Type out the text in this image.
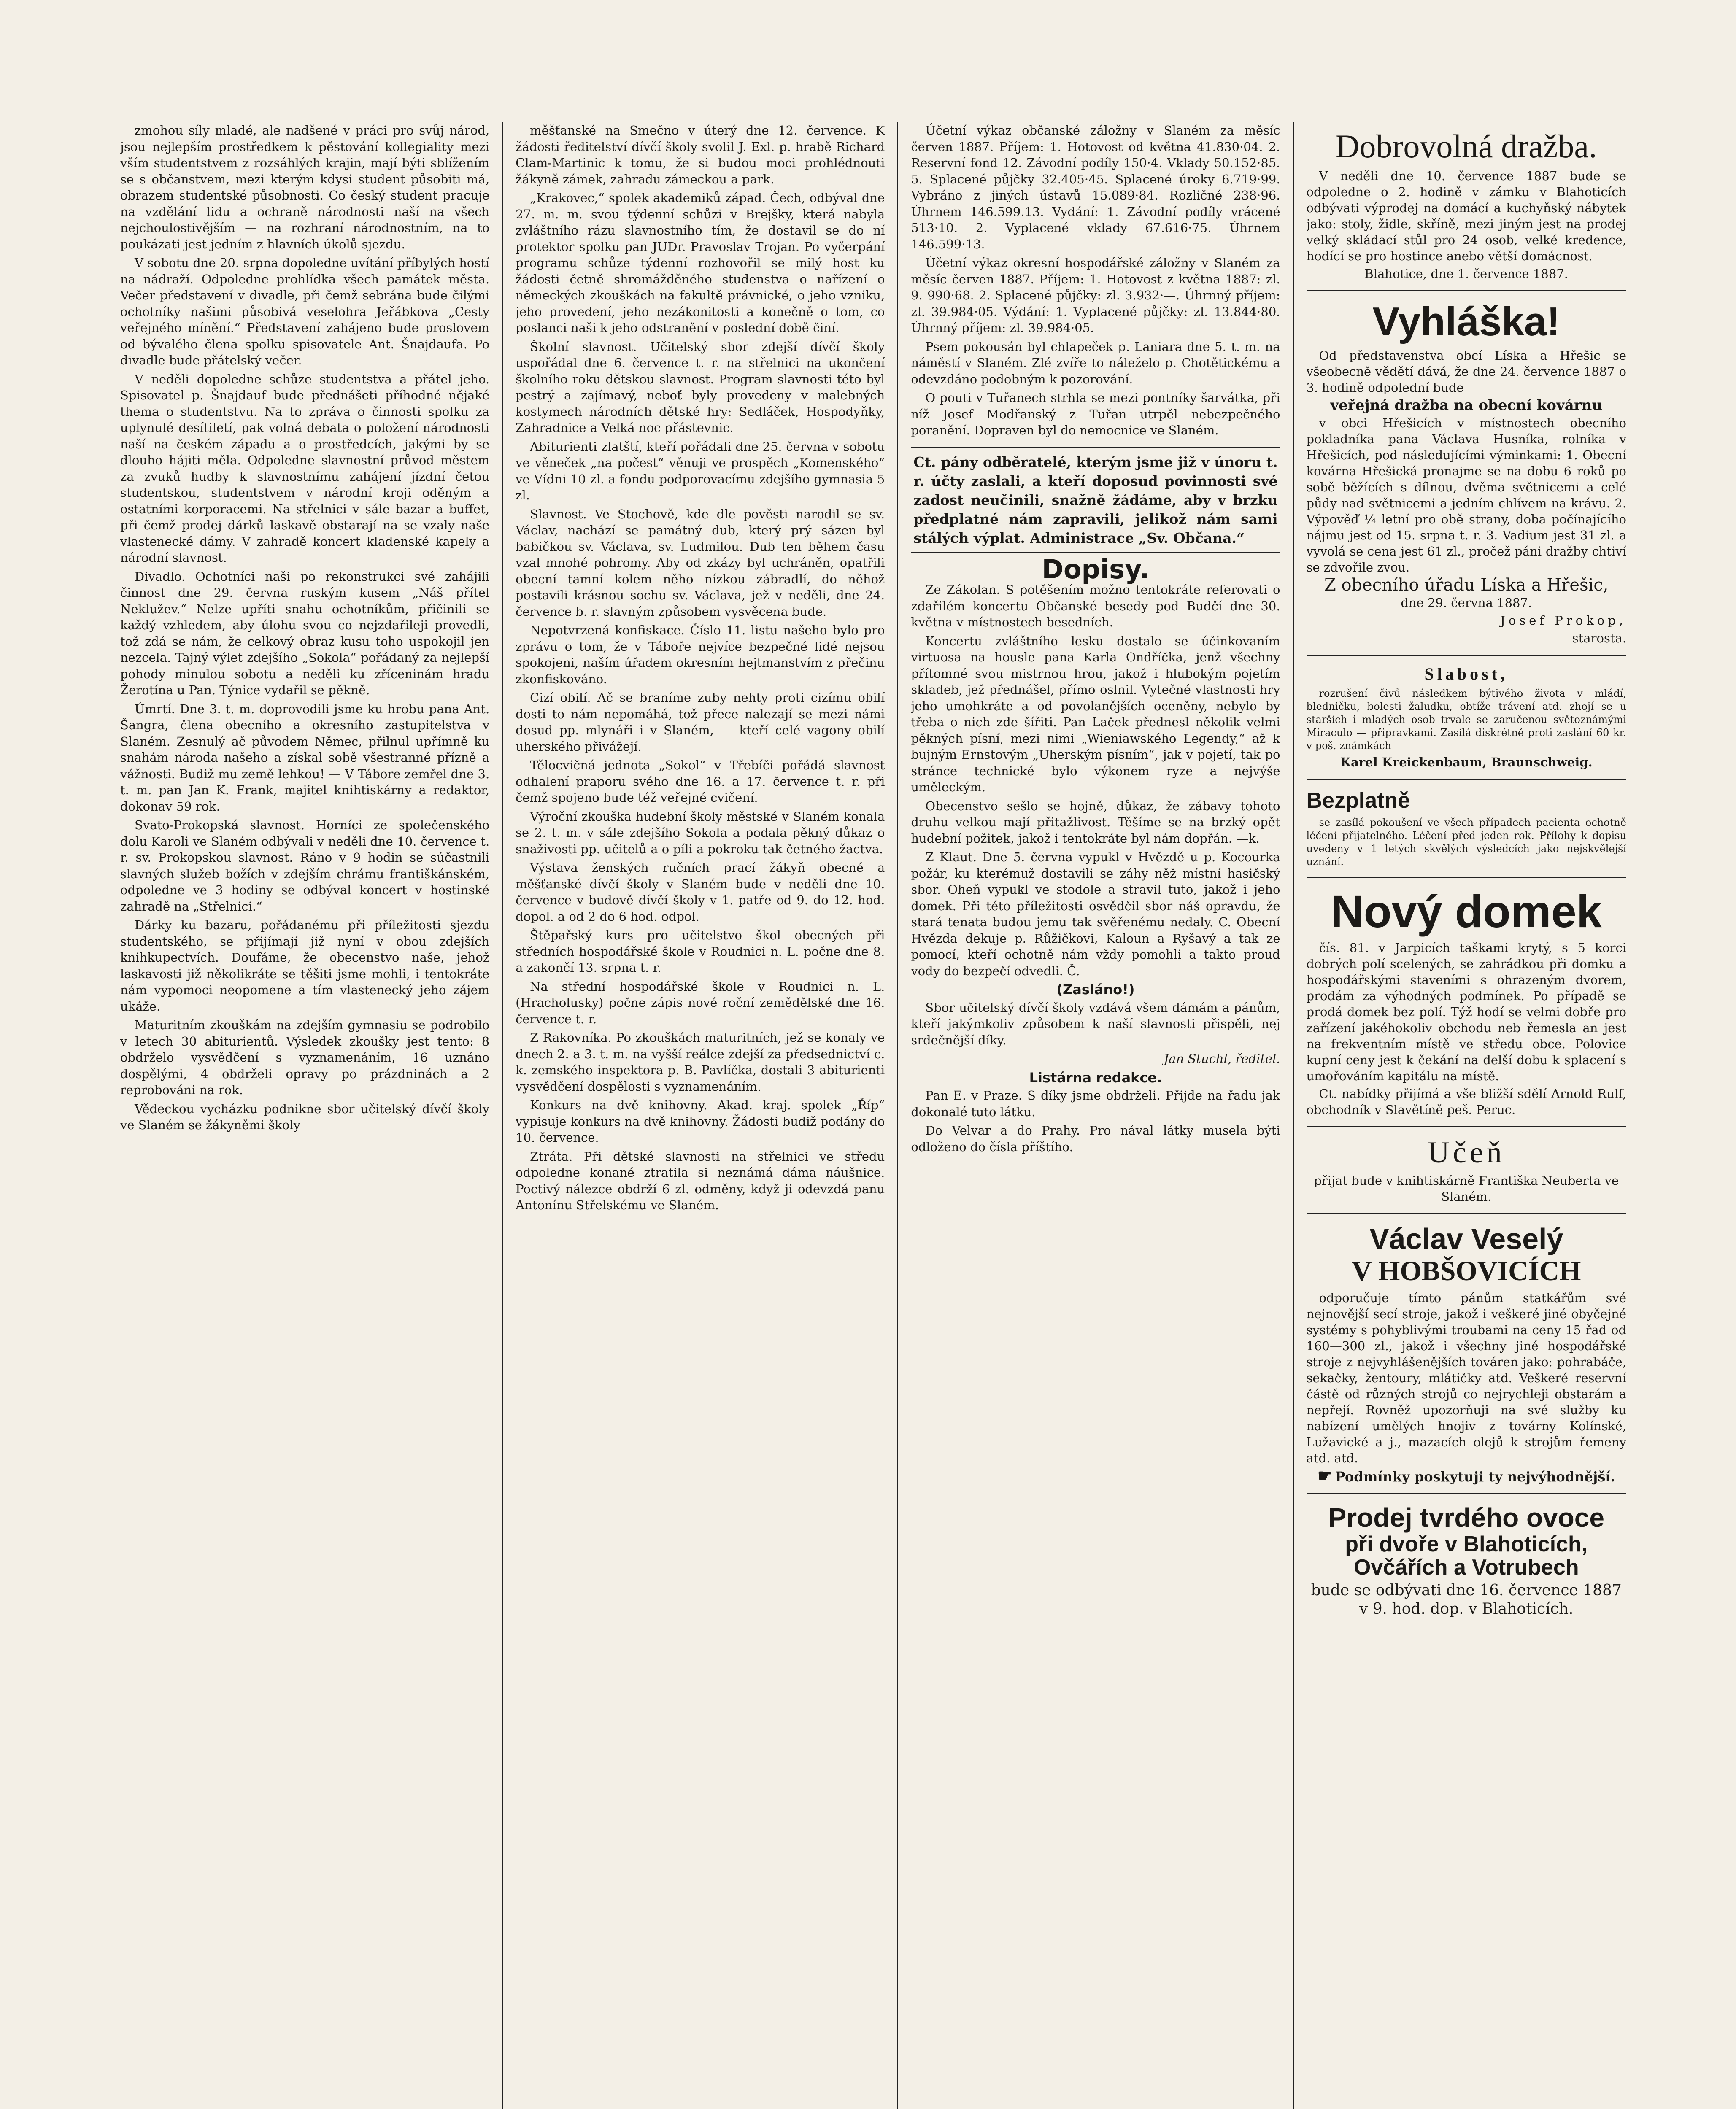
zmohou síly mladé, ale nadšené v práci pro svůj národ, jsou nejlepším prostředkem k pěstování kollegiality mezi vším studentstvem z rozsáhlých krajin, mají býti sblížením se s občanstvem, mezi kterým kdysi student působiti má, obrazem studentské působnosti. Co český student pracuje na vzdělání lidu a ochraně národnosti naší na všech nejchoulostivějším — na rozhraní národnostním, na to poukázati jest jedním z hlavních úkolů sjezdu.

V sobotu dne 20. srpna dopoledne uvítání příbylých hostí na nádraží. Odpoledne prohlídka všech památek města. Večer představení v divadle, při čemž sebrána bude čilými ochotníky našimi působivá veselohra Jeřábkova „Cesty veřejného mínění.“ Představení zahájeno bude proslovem od bývalého člena spolku spisovatele Ant. Šnajdaufa. Po divadle bude přátelský večer.

V neděli dopoledne schůze studentstva a přátel jeho. Spisovatel p. Šnajdauf bude přednášeti příhodné nějaké thema o studentstvu. Na to zpráva o činnosti spolku za uplynulé desítiletí, pak volná debata o položení národnosti naší na českém západu a o prostředcích, jakými by se dlouho hájiti měla. Odpoledne slavnostní průvod městem za zvuků hudby k slavnostnímu zahájení jízdní četou studentskou, studentstvem v národní kroji oděným a ostatními korporacemi. Na střelnici v sále bazar a buffet, při čemž prodej dárků laskavě obstarají na se vzaly naše vlastenecké dámy. V zahradě koncert kladenské kapely a národní slavnost.

Divadlo. Ochotníci naši po rekonstrukci své zahájili činnost dne 29. června ruským kusem „Náš přítel Neklužev.“ Nelze upříti snahu ochotníkům, přičinili se každý vzhledem, aby úlohu svou co nejzdařileji provedli, tož zdá se nám, že celkový obraz kusu toho uspokojil jen nezcela. Tajný výlet zdejšího „Sokola“ pořádaný za nejlepší pohody minulou sobotu a neděli ku zříceninám hradu Žerotína u Pan. Týnice vydařil se pěkně.

Úmrtí. Dne 3. t. m. doprovodili jsme ku hrobu pana Ant. Šangra, člena obecního a okresního zastupitelstva v Slaném. Zesnulý ač původem Němec, přilnul upřímně ku snahám národa našeho a získal sobě všestranné přízně a vážnosti. Budiž mu země lehkou! — V Tábore zemřel dne 3. t. m. pan Jan K. Frank, majitel knihtiskárny a redaktor, dokonav 59 rok.

Svato-Prokopská slavnost. Horníci ze společenského dolu Karoli ve Slaném odbývali v neděli dne 10. července t. r. sv. Prokopskou slavnost. Ráno v 9 hodin se súčastnili slavných služeb božích v zdejším chrámu františkánském, odpoledne ve 3 hodiny se odbýval koncert v hostinské zahradě na „Střelnici.“

Dárky ku bazaru, pořádanému při příležitosti sjezdu studentského, se přijímají již nyní v obou zdejších knihkupectvích. Doufáme, že obecenstvo naše, jehož laskavosti již několikráte se těšiti jsme mohli, i tentokráte nám vypomoci neopomene a tím vlastenecký jeho zájem ukáže.

Maturitním zkouškám na zdejším gymnasiu se podrobilo v letech 30 abiturientů. Výsledek zkoušky jest tento: 8 obdrželo vysvědčení s vyznamenáním, 16 uznáno dospělými, 4 obdrželi opravy po prázdninách a 2 reprobováni na rok.

Vědeckou vycházku podnikne sbor učitelský dívčí školy ve Slaném se žákyněmi školy

měšťanské na Smečno v úterý dne 12. července. K žádosti ředitelství dívčí školy svolil J. Exl. p. hrabě Richard Clam-Martinic k tomu, že si budou moci prohlédnouti žákyně zámek, zahradu zámeckou a park.

„Krakovec,“ spolek akademiků západ. Čech, odbýval dne 27. m. m. svou týdenní schůzi v Brejšky, která nabyla zvláštního rázu slavnostního tím, že dostavil se do ní protektor spolku pan JUDr. Pravoslav Trojan. Po vyčerpání programu schůze týdenní rozhovořil se milý host ku žádosti četně shromážděného studenstva o nařízení o německých zkouškách na fakultě právnické, o jeho vzniku, jeho provedení, jeho nezákonitosti a konečně o tom, co poslanci naši k jeho odstranění v poslední době činí.

Školní slavnost. Učitelský sbor zdejší dívčí školy uspořádal dne 6. července t. r. na střelnici na ukončení školního roku dětskou slavnost. Program slavnosti této byl pestrý a zajímavý, neboť byly provedeny v malebných kostymech národních dětské hry: Sedláček, Hospodyňky, Zahradnice a Velká noc přástevnic.

Abiturienti zlatští, kteří pořádali dne 25. června v sobotu ve věneček „na počest“ věnuji ve prospěch „Komenského“ ve Vídni 10 zl. a fondu podporovacímu zdejšího gymnasia 5 zl.

Slavnost. Ve Stochově, kde dle pověsti narodil se sv. Václav, nachází se památný dub, který prý sázen byl babičkou sv. Václava, sv. Ludmilou. Dub ten během času vzal mnohé pohromy. Aby od zkázy byl uchráněn, opatřili obecní tamní kolem něho nízkou zábradlí, do něhož postavili krásnou sochu sv. Václava, jež v neděli, dne 24. července b. r. slavným způsobem vysvěcena bude.

Nepotvrzená konfiskace. Číslo 11. listu našeho bylo pro zprávu o tom, že v Táboře nejvíce bezpečné lidé nejsou spokojeni, naším úřadem okresním hejtmanstvím z přečinu zkonfiskováno.

Cizí obilí. Ač se braníme zuby nehty proti cizímu obilí dosti to nám nepomáhá, tož přece nalezají se mezi námi dosud pp. mlynáři i v Slaném, — kteří celé vagony obilí uherského přivážejí.

Tělocvičná jednota „Sokol“ v Třebíči pořádá slavnost odhalení praporu svého dne 16. a 17. července t. r. při čemž spojeno bude též veřejné cvičení.

Výroční zkouška hudební školy městské v Slaném konala se 2. t. m. v sále zdejšího Sokola a podala pěkný důkaz o snaživosti pp. učitelů a o píli a pokroku tak četného žactva.

Výstava ženských ručních prací žákyň obecné a měšťanské dívčí školy v Slaném bude v neděli dne 10. července v budově dívčí školy v 1. patře od 9. do 12. hod. dopol. a od 2 do 6 hod. odpol.

Štěpařský kurs pro učitelstvo škol obecných při středních hospodářské škole v Roudnici n. L. počne dne 8. a zakončí 13. srpna t. r.

Na střední hospodářské škole v Roudnici n. L. (Hracholusky) počne zápis nové roční zemědělské dne 16. července t. r.

Z Rakovníka. Po zkouškách maturitních, jež se konaly ve dnech 2. a 3. t. m. na vyšší reálce zdejší za předsednictví c. k. zemského inspektora p. B. Pavlíčka, dostali 3 abiturienti vysvědčení dospělosti s vyznamenáním.

Konkurs na dvě knihovny. Akad. kraj. spolek „Říp“ vypisuje konkurs na dvě knihovny. Žádosti budiž podány do 10. července.

Ztráta. Při dětské slavnosti na střelnici ve středu odpoledne konané ztratila si neznámá dáma náušnice. Poctivý nálezce obdrží 6 zl. odměny, když ji odevzdá panu Antonínu Střelskému ve Slaném.

Účetní výkaz občanské záložny v Slaném za měsíc červen 1887. Příjem: 1. Hotovost od května 41.830·04. 2. Reservní fond 12. Závodní podíly 150·4. Vklady 50.152·85. 5. Splacené půjčky 32.405·45. Splacené úroky 6.719·99. Vybráno z jiných ústavů 15.089·84. Rozličné 238·96. Úhrnem 146.599.13. Vydání: 1. Závodní podíly vrácené 513·10. 2. Vyplacené vklady 67.616·75. Úhrnem 146.599·13.

Účetní výkaz okresní hospodářské záložny v Slaném za měsíc červen 1887. Příjem: 1. Hotovost z května 1887: zl. 9. 990·68. 2. Splacené půjčky: zl. 3.932·—. Úhrnný příjem: zl. 39.984·05. Výdání: 1. Vyplacené půjčky: zl. 13.844·80. Úhrnný příjem: zl. 39.984·05.

Psem pokousán byl chlapeček p. Laniara dne 5. t. m. na náměstí v Slaném. Zlé zvíře to náleželo p. Chotětickému a odevzdáno podobným k pozorování.

O pouti v Tuřanech strhla se mezi pontníky šarvátka, při níž Josef Modřanský z Tuřan utrpěl nebezpečného poranění. Dopraven byl do nemocnice ve Slaném.

Ct. pány odběratelé, kterým jsme již v únoru t. r. účty zaslali, a kteří doposud povinnosti své zadost neučinili, snažně žádáme, aby v brzku předplatné nám zapravili, jelikož nám sami stálých výplat. Administrace „Sv. Občana.“
Dopisy.

Ze Zákolan. S potěšením možno tentokráte referovati o zdařilém koncertu Občanské besedy pod Budčí dne 30. května v místnostech besedních.

Koncertu zvláštního lesku dostalo se účinkovaním virtuosa na housle pana Karla Ondříčka, jenž všechny přítomné svou mistrnou hrou, jakož i hlubokým pojetím skladeb, jež přednášel, přímo oslnil. Vytečné vlastnosti hry jeho umohkráte a od povolanějších oceněny, nebylo by třeba o nich zde šířiti. Pan Laček přednesl několik velmi pěkných písní, mezi nimi „Wieniawského Legendy,“ až k bujným Ernstovým „Uherským písním“, jak v pojetí, tak po stránce technické bylo výkonem ryze a nejvýše uměleckým.

Obecenstvo sešlo se hojně, důkaz, že zábavy tohoto druhu velkou mají přitažlivost. Těšíme se na brzký opět hudební požitek, jakož i tentokráte byl nám dopřán. —k.

Z Klaut. Dne 5. června vypukl v Hvězdě u p. Kocourka požár, ku kterémuž dostavili se záhy něž místní hasičský sbor. Oheň vypukl ve stodole a stravil tuto, jakož i jeho domek. Při této příležitosti osvědčil sbor náš opravdu, že stará tenata budou jemu tak svěřenému nedaly. C. Obecní Hvězda dekuje p. Růžičkovi, Kaloun a Ryšavý a tak ze pomocí, kteří ochotně nám vždy pomohli a takto proud vody do bezpečí odvedli. Č.

(Zasláno!)

Sbor učitelský dívčí školy vzdává všem dámám a pánům, kteří jakýmkoliv způsobem k naší slavnosti přispěli, nej srdečnější díky.

Jan Stuchl, ředitel.

Listárna redakce.

Pan E. v Praze. S díky jsme obdrželi. Přijde na řadu jak dokonalé tuto látku.

Do Velvar a do Prahy. Pro nával látky musela býti odloženo do čísla příštího.

Dobrovolná dražba.

V neděli dne 10. července 1887 bude se odpoledne o 2. hodině v zámku v Blahoticích odbývati výprodej na domácí a kuchyňský nábytek jako: stoly, židle, skříně, mezi jiným jest na prodej velký skládací stůl pro 24 osob, velké kredence, hodící se pro hostince anebo větší domácnost.

Blahotice, dne 1. července 1887.

Vyhláška!

Od představenstva obcí Líska a Hřešic se všeobecně vědětí dává, že dne 24. července 1887 o 3. hodině odpolední bude

veřejná dražba na obecní kovárnu

v obci Hřešicích v místnostech obecního pokladníka pana Václava Husníka, rolníka v Hřešicích, pod následujícími výminkami: 1. Obecní kovárna Hřešická pronajme se na dobu 6 roků po sobě běžících s dílnou, dvěma světnicemi a celé půdy nad světnicemi a jedním chlívem na krávu. 2. Výpověď ¼ letní pro obě strany, doba počínajícího nájmu jest od 15. srpna t. r. 3. Vadium jest 31 zl. a vyvolá se cena jest 61 zl., pročež páni dražby chtiví se zdvořile zvou.

Z obecního úřadu Líska a Hřešic,

dne 29. června 1887.

Josef Prokop,

starosta.

Slabost,

rozrušení čivů následkem býtivého života v mládí, bledničku, bolesti žaludku, obtíže trávení atd. zhojí se u starších i mladých osob trvale se zaručenou světoznámými Miraculo — připravkami. Zasílá diskrétně proti zaslání 60 kr. v poš. známkách

Karel Kreickenbaum, Braunschweig.

Bezplatně

se zasílá pokoušení ve všech případech pacienta ochotně léčení přijatelného. Léčení před jeden rok. Přílohy k dopisu uvedeny v 1 letých skvělých výsledcích jako nejskvělejší uznání.

Nový domek

čís. 81. v Jarpicích taškami krytý, s 5 korci dobrých polí scelených, se zahrádkou při domku a hospodářskými staveními s ohrazeným dvorem, prodám za výhodných podmínek. Po případě se prodá domek bez polí. Týž hodí se velmi dobře pro zařízení jakéhokoliv obchodu neb řemesla an jest na frekventním místě ve středu obce. Polovice kupní ceny jest k čekání na delší dobu k splacení s umořováním kapitálu na místě.

Ct. nabídky přijímá a vše bližší sdělí Arnold Rulf, obchodník v Slavětíně peš. Peruc.

Učeň

přijat bude v knihtiskárně Františka Neuberta ve Slaném.

Václav Veselý
V HOBŠOVICÍCH

odporučuje tímto pánům statkářům své nejnovější secí stroje, jakož i veškeré jiné obyčejné systémy s pohyblivými troubami na ceny 15 řad od 160—300 zl., jakož i všechny jiné hospodářské stroje z nejvyhlášenějších továren jako: pohrabáče, sekačky, žentoury, mlátičky atd. Veškeré reservní částě od různých strojů co nejrychleji obstarám a nepřejí. Rovněž upozorňuji na své služby ku nabízení umělých hnojiv z továrny Kolínské, Lužavické a j., mazacích olejů k strojům řemeny atd. atd.

☛ Podmínky poskytuji ty nejvýhodnější.

Prodej tvrdého ovoce
při dvoře v Blahoticích,
Ovčářích a Votrubech

bude se odbývati dne 16. července 1887 v 9. hod. dop. v Blahoticích.
